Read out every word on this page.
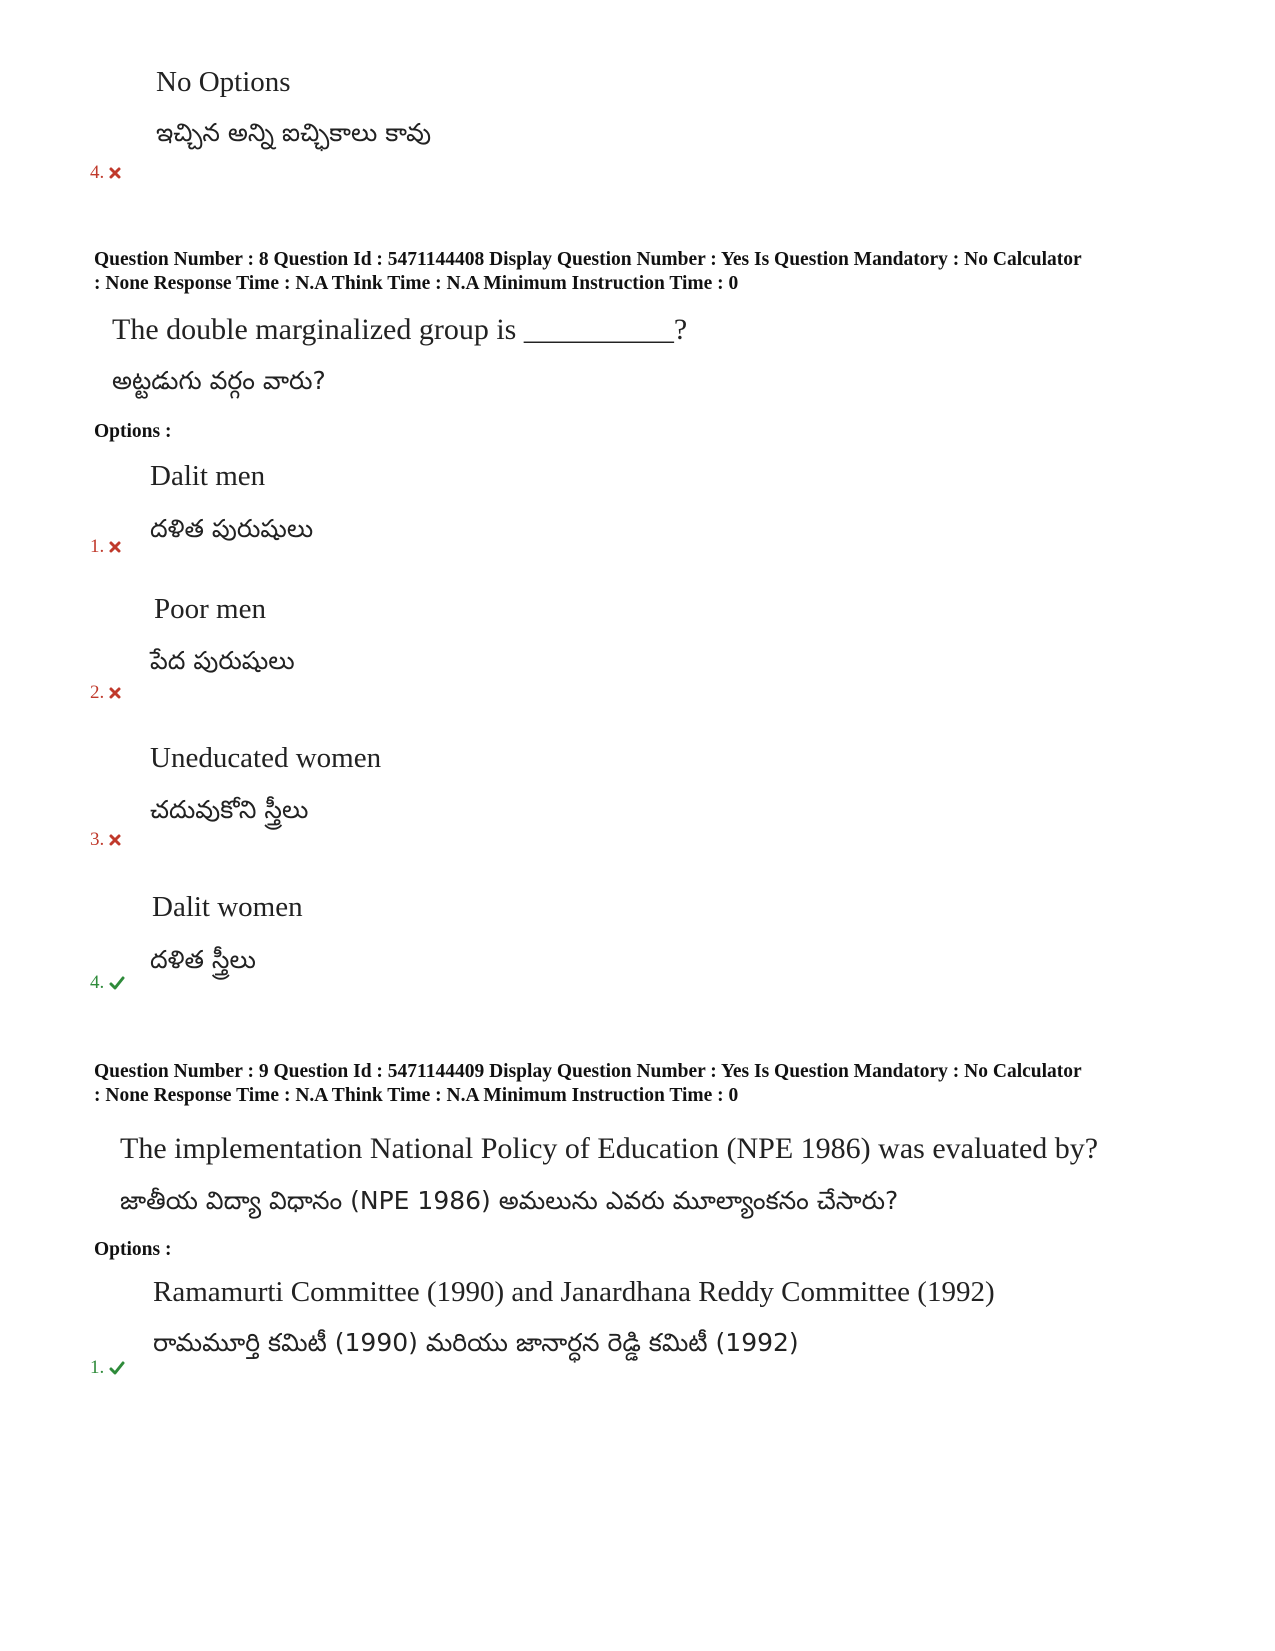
No Options
ఇచ్చిన అన్ని ఐచ్ఛికాలు కావు
4.
Question Number : 8 Question Id : 5471144408 Display Question Number : Yes Is Question Mandatory : No Calculator
: None Response Time : N.A Think Time : N.A Minimum Instruction Time : 0
The double marginalized group is __________?
అట్టడుగు వర్గం వారు?
Options :
Dalit men
దళిత పురుషులు
1.
Poor men
పేద పురుషులు
2.
Uneducated women
చదువుకోని స్త్రీలు
3.
Dalit women
దళిత స్త్రీలు
4.
Question Number : 9 Question Id : 5471144409 Display Question Number : Yes Is Question Mandatory : No Calculator
: None Response Time : N.A Think Time : N.A Minimum Instruction Time : 0
The implementation National Policy of Education (NPE 1986) was evaluated by?
జాతీయ విద్యా విధానం (NPE 1986) అమలును ఎవరు మూల్యాంకనం చేసారు?
Options :
Ramamurti Committee (1990) and Janardhana Reddy Committee (1992)
రామమూర్తి కమిటీ (1990) మరియు జానార్ధన రెడ్డి కమిటీ (1992)
1.
